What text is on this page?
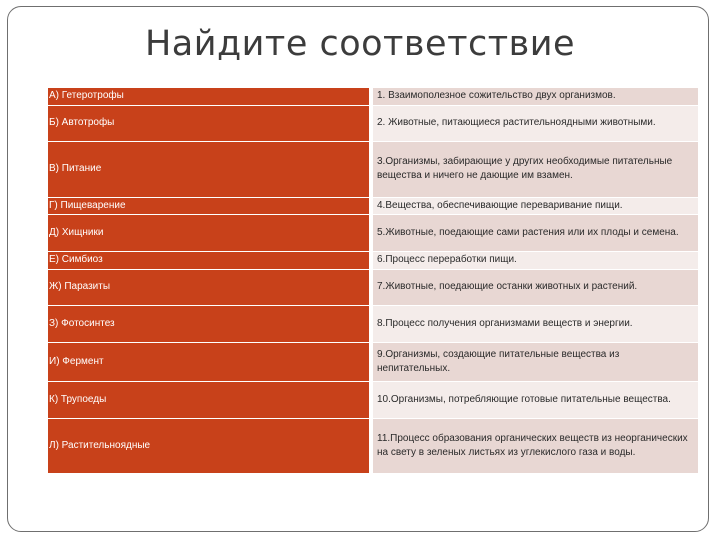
Найдите соответствие
А) Гетеротрофы		1. Взаимополезное сожительство двух организмов.
Б) Автотрофы		2. Животные, питающиеся растительноядными животными.
В) Питание		3.Организмы, забирающие у других необходимые питательные вещества и ничего не дающие им взамен.
Г) Пищеварение		4.Вещества, обеспечивающие переваривание пищи.
Д) Хищники		5.Животные, поедающие сами растения или их плоды и семена.
Е) Симбиоз		6.Процесс переработки пищи.
Ж) Паразиты		7.Животные, поедающие останки животных и растений.
З) Фотосинтез		8.Процесс получения организмами веществ и энергии.
И) Фермент		9.Организмы, создающие питательные вещества из непитательных.
К) Трупоеды		10.Организмы, потребляющие готовые питательные вещества.
Л) Растительноядные		11.Процесс образования органических веществ из неорганических на свету в зеленых листьях из углекислого газа и воды.
